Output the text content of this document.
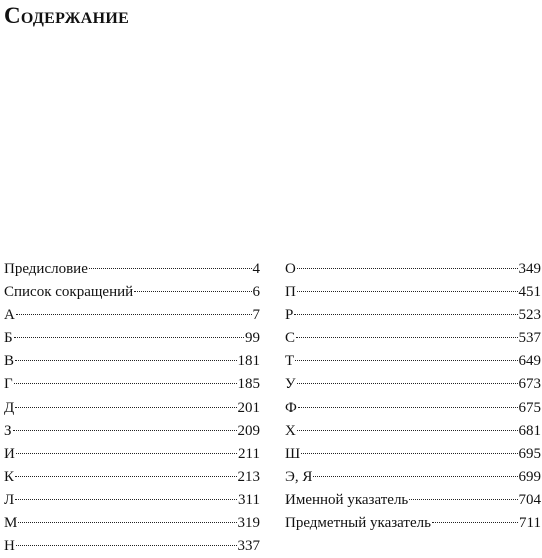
Содержание
Предисловие	4
Список сокращений	6
А	7
Б	99
В	181
Г	185
Д	201
З	209
И	211
К	213
Л	311
М	319
Н	337
О	349
П	451
Р	523
С	537
Т	649
У	673
Ф	675
Х	681
Ш	695
Э, Я	699
Именной указатель	704
Предметный указатель	711
